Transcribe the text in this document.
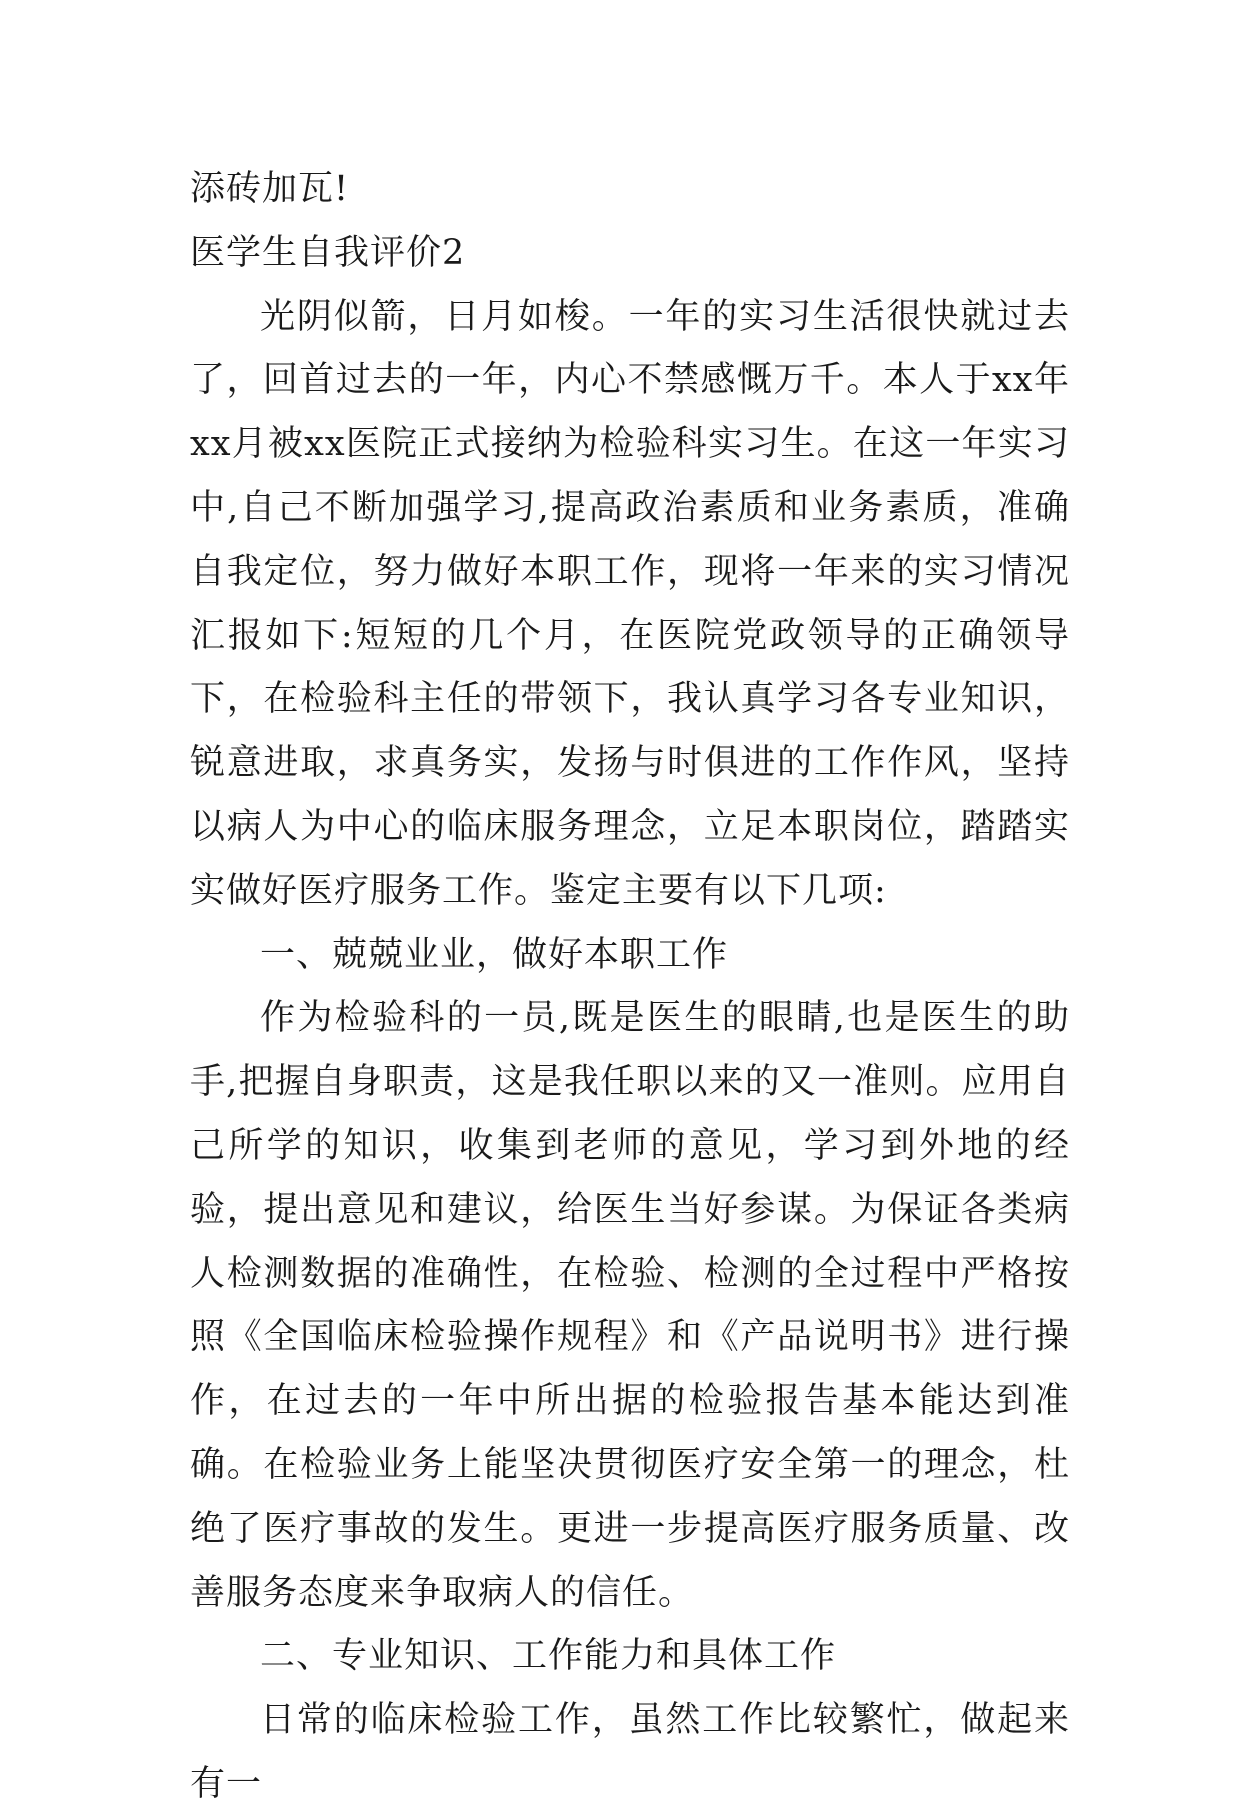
添砖加瓦!

医学生自我评价2

光阴似箭，日月如梭。一年的实习生活很快就过去了，回首过去的一年，内心不禁感慨万千。本人于xx年xx月被xx医院正式接纳为检验科实习生。在这一年实习中,自己不断加强学习,提高政治素质和业务素质，准确自我定位，努力做好本职工作，现将一年来的实习情况汇报如下:短短的几个月，在医院党政领导的正确领导下，在检验科主任的带领下，我认真学习各专业知识，锐意进取，求真务实，发扬与时俱进的工作作风，坚持以病人为中心的临床服务理念，立足本职岗位，踏踏实实做好医疗服务工作。鉴定主要有以下几项:

一、兢兢业业，做好本职工作

作为检验科的一员,既是医生的眼睛,也是医生的助手,把握自身职责，这是我任职以来的又一准则。应用自己所学的知识，收集到老师的意见，学习到外地的经验，提出意见和建议，给医生当好参谋。为保证各类病人检测数据的准确性，在检验、检测的全过程中严格按照《全国临床检验操作规程》和《产品说明书》进行操作，在过去的一年中所出据的检验报告基本能达到准确。在检验业务上能坚决贯彻医疗安全第一的理念，杜绝了医疗事故的发生。更进一步提高医疗服务质量、改善服务态度来争取病人的信任。

二、专业知识、工作能力和具体工作

日常的临床检验工作，虽然工作比较繁忙，做起来有一
